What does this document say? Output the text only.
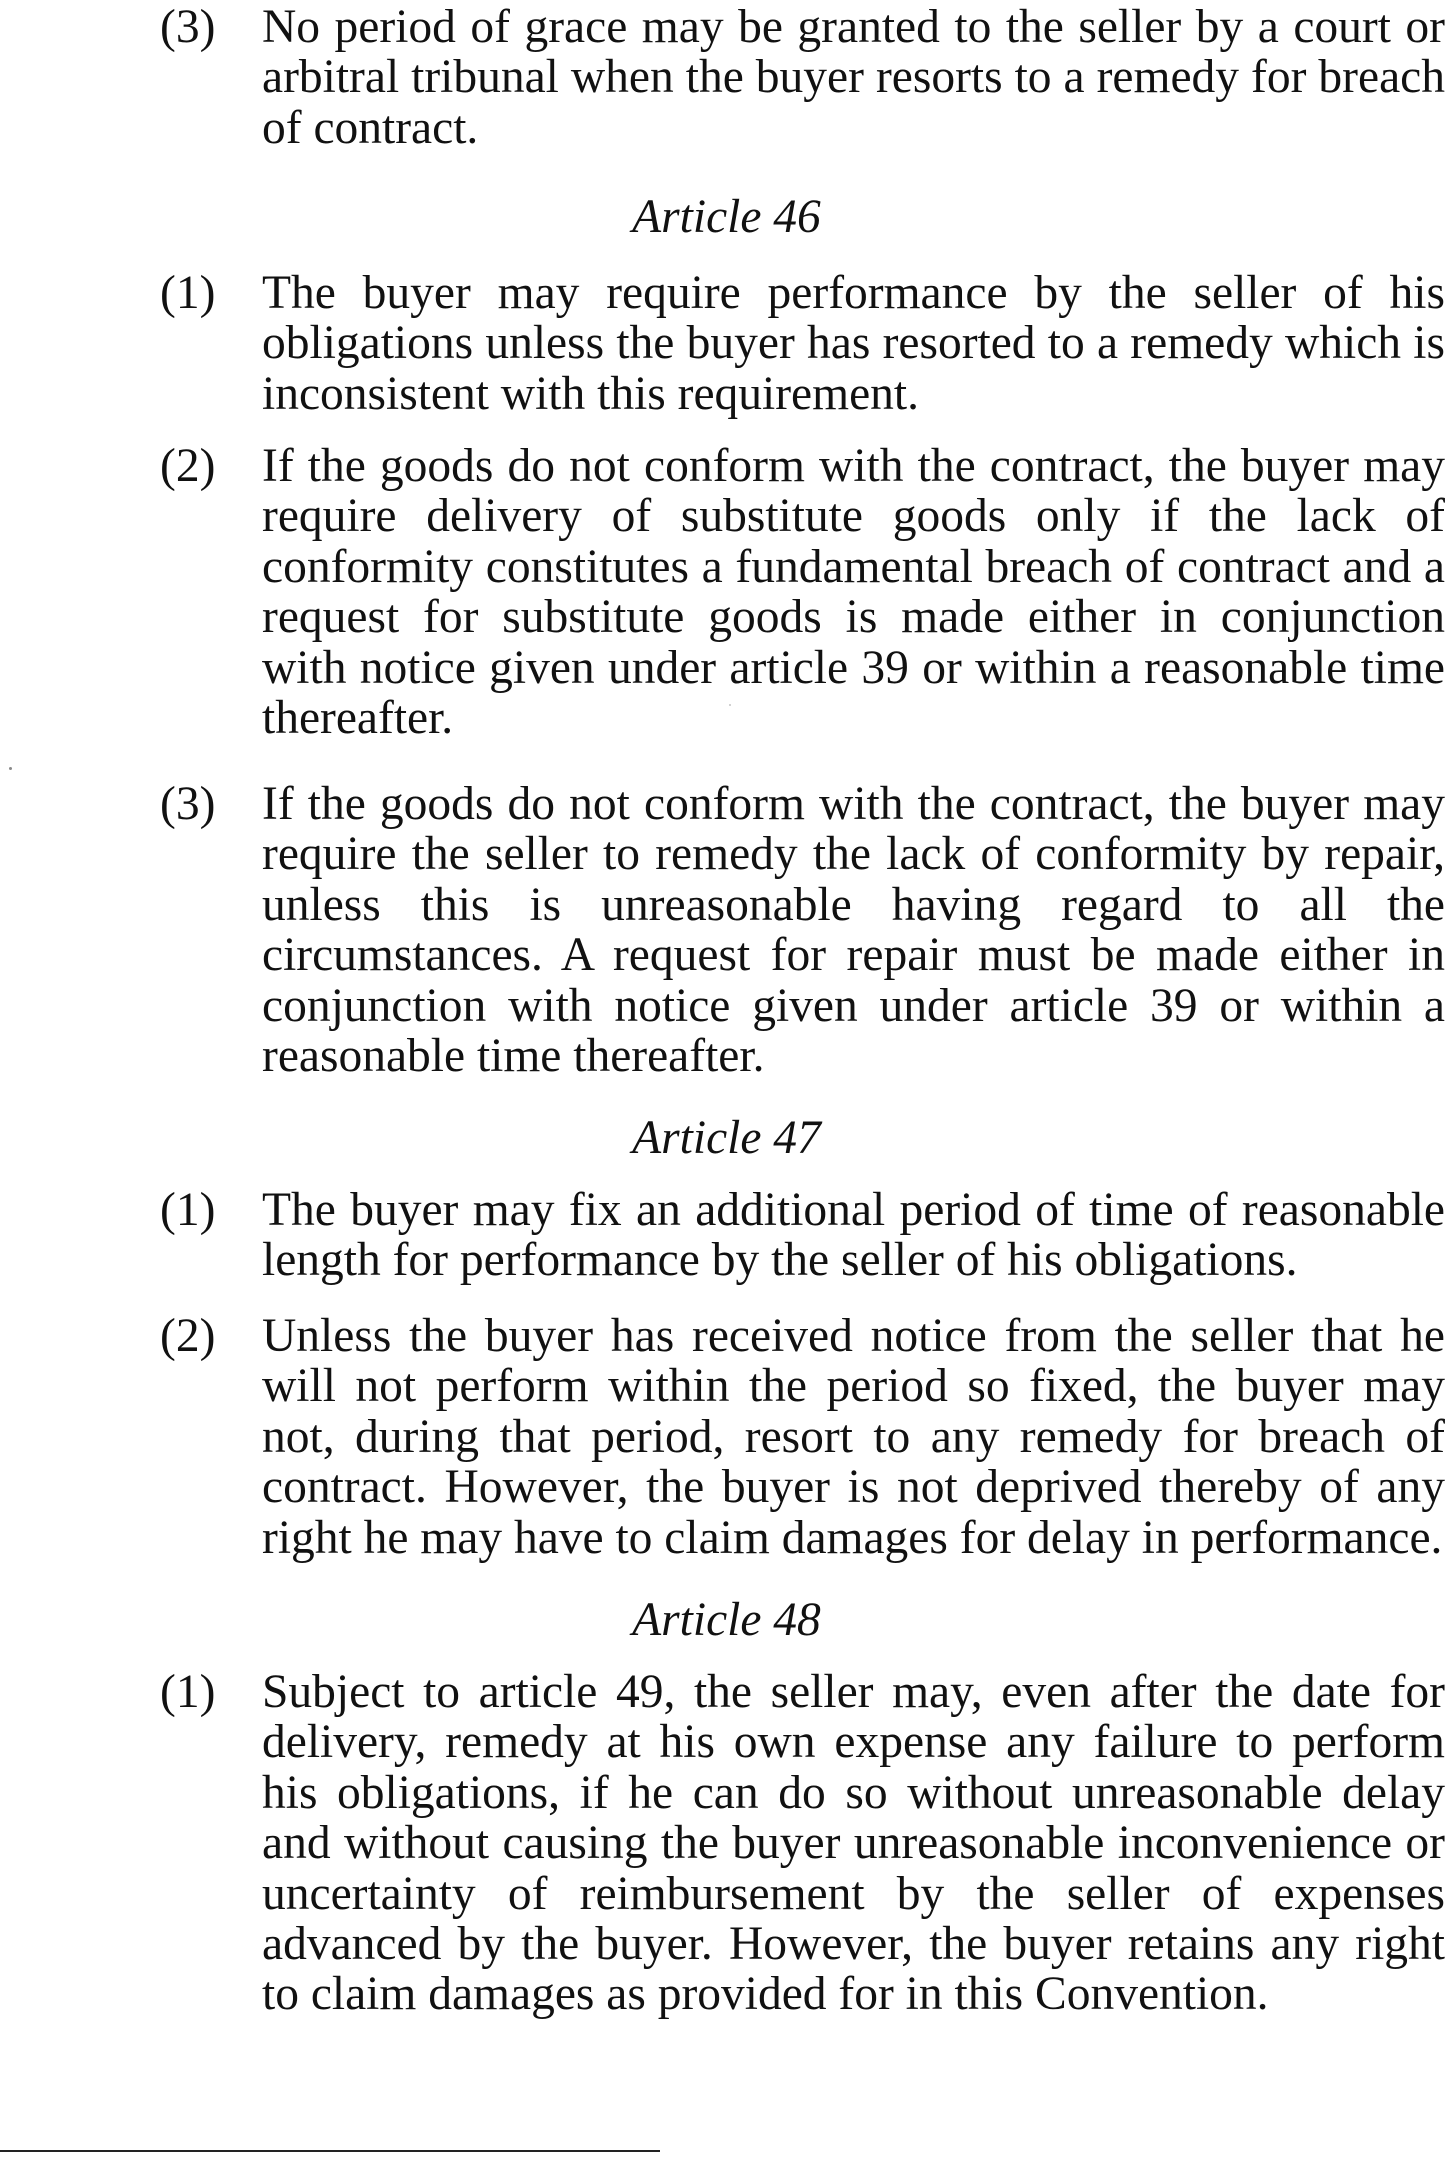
(3) No period of grace may be granted to the seller by a court or arbitral tribunal when the buyer resorts to a remedy for breach of contract.
Article 46
(1) The buyer may require performance by the seller of his obligations unless the buyer has resorted to a remedy which is inconsistent with this requirement.
(2) If the goods do not conform with the contract, the buyer may require delivery of substitute goods only if the lack of conformity constitutes a fundamental breach of contract and a request for substitute goods is made either in conjunction with notice given under article 39 or within a reasonable time thereafter.
(3) If the goods do not conform with the contract, the buyer may require the seller to remedy the lack of conformity by repair, unless this is unreasonable having regard to all the circumstances. A request for repair must be made either in conjunction with notice given under article 39 or within a reasonable time thereafter.
Article 47
(1) The buyer may fix an additional period of time of reasonable length for performance by the seller of his obligations.
(2) Unless the buyer has received notice from the seller that he will not perform within the period so fixed, the buyer may not, during that period, resort to any remedy for breach of contract. However, the buyer is not deprived thereby of any right he may have to claim damages for delay in performance.
Article 48
(1) Subject to article 49, the seller may, even after the date for delivery, remedy at his own expense any failure to perform his obligations, if he can do so without unreasonable delay and without causing the buyer unreasonable inconvenience or uncertainty of reimbursement by the seller of expenses advanced by the buyer. However, the buyer retains any right to claim damages as provided for in this Convention.
